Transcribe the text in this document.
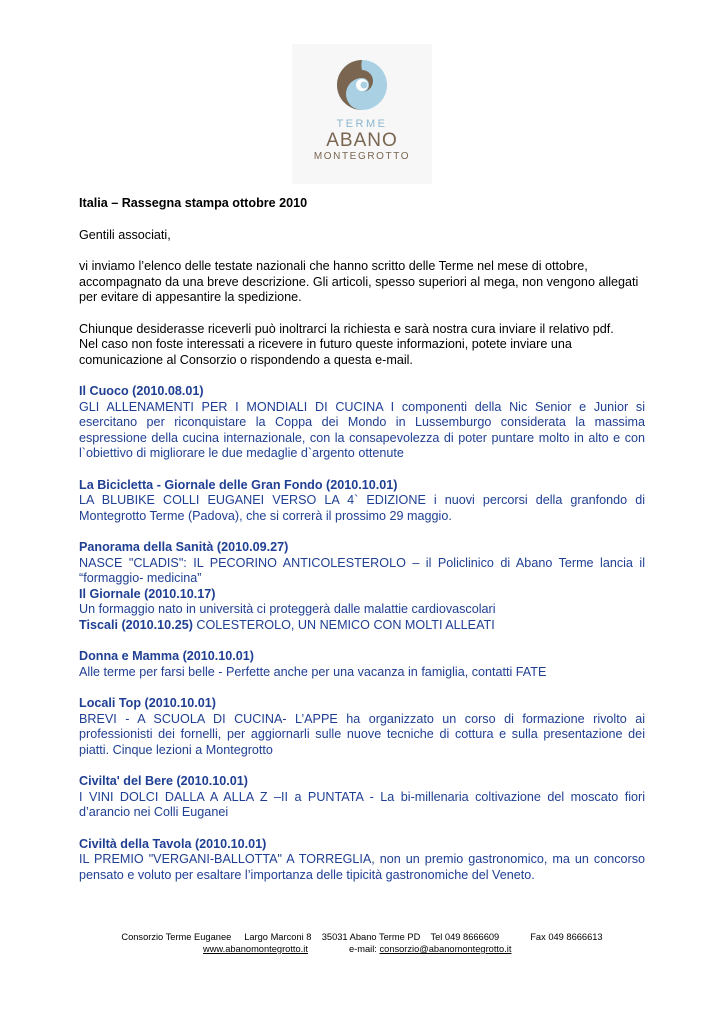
TERME
ABANO
MONTEGROTTO

Italia – Rassegna stampa ottobre 2010

Gentili associati,

vi inviamo l’elenco delle testate nazionali che hanno scritto delle Terme nel mese di ottobre, accompagnato da una breve descrizione. Gli articoli, spesso superiori al mega, non vengono allegati per evitare di appesantire la spedizione.

Chiunque desiderasse riceverli può inoltrarci la richiesta e sarà nostra cura inviare il relativo pdf.

Nel caso non foste interessati a ricevere in futuro queste informazioni, potete inviare una comunicazione al Consorzio o rispondendo a questa e-mail.

Il Cuoco (2010.08.01)

GLI ALLENAMENTI PER I MONDIALI DI CUCINA I componenti della Nic Senior e Junior si esercitano per riconquistare la Coppa dei Mondo in Lussemburgo considerata la massima espressione della cucina internazionale, con la consapevolezza di poter puntare molto in alto e con l`obiettivo di migliorare le due medaglie d`argento ottenute

La Bicicletta - Giornale delle Gran Fondo (2010.10.01)

LA BLUBIKE COLLI EUGANEI VERSO LA 4` EDIZIONE i nuovi percorsi della granfondo di Montegrotto Terme (Padova), che si correrà il prossimo 29 maggio.

Panorama della Sanità (2010.09.27)

NASCE "CLADIS": IL PECORINO ANTICOLESTEROLO – il Policlinico di Abano Terme lancia il “formaggio- medicina”

Il Giornale (2010.10.17)

Un formaggio nato in università ci proteggerà dalle malattie cardiovascolari

Tiscali (2010.10.25) COLESTEROLO, UN NEMICO CON MOLTI ALLEATI

Donna e Mamma (2010.10.01)

Alle terme per farsi belle - Perfette anche per una vacanza in famiglia, contatti FATE

Locali Top (2010.10.01)

BREVI - A SCUOLA DI CUCINA- L’APPE ha organizzato un corso di formazione rivolto ai professionisti dei fornelli, per aggiornarli sulle nuove tecniche di cottura e sulla presentazione dei piatti. Cinque lezioni a Montegrotto

Civilta' del Bere (2010.10.01)

I VINI DOLCI DALLA A ALLA Z –II a PUNTATA - La bi-millenaria coltivazione del moscato fiori d’arancio nei Colli Euganei

Civiltà della Tavola (2010.10.01)

IL PREMIO "VERGANI-BALLOTTA" A TORREGLIA, non un premio gastronomico, ma un concorso pensato e voluto per esaltare l’importanza delle tipicità gastronomiche del Veneto.

Consorzio Terme Euganee Largo Marconi 8 35031 Abano Terme PD Tel 049 8666609	Fax 049 8666613
www.abanomontegrotto.it	e-mail: consorzio@abanomontegrotto.it
